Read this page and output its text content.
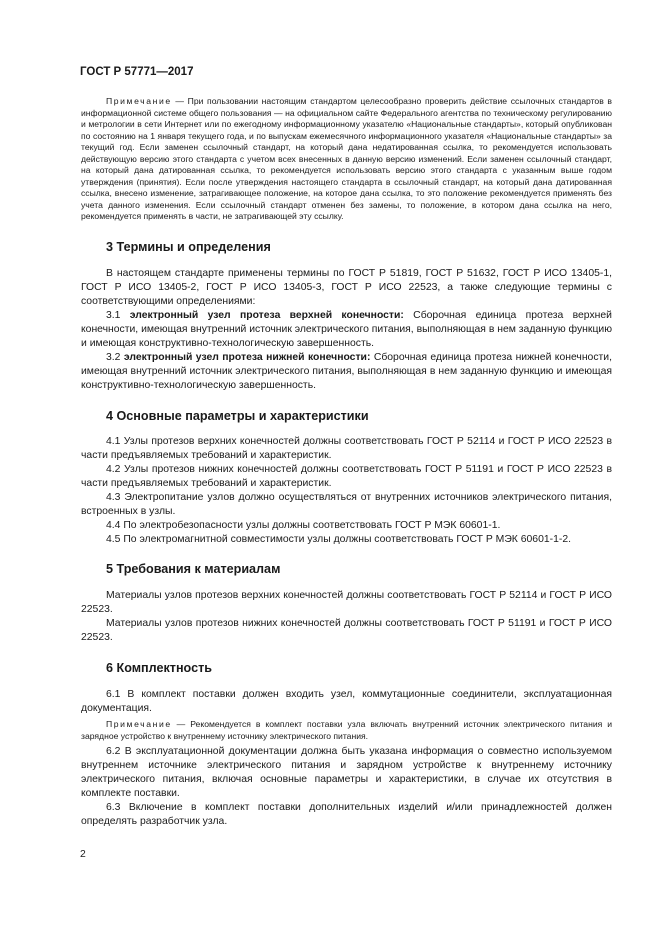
ГОСТ Р 57771—2017

Примечание — При пользовании настоящим стандартом целесообразно проверить действие ссылочных стандартов в информационной системе общего пользования — на официальном сайте Федерального агентства по техническому регулированию и метрологии в сети Интернет или по ежегодному информационному указателю «Национальные стандарты», который опубликован по состоянию на 1 января текущего года, и по выпускам ежемесячного информационного указателя «Национальные стандарты» за текущий год. Если заменен ссылочный стандарт, на который дана недатированная ссылка, то рекомендуется использовать действующую версию этого стандарта с учетом всех внесенных в данную версию изменений. Если заменен ссылочный стандарт, на который дана датированная ссылка, то рекомендуется использовать версию этого стандарта с указанным выше годом утверждения (принятия). Если после утверждения настоящего стандарта в ссылочный стандарт, на который дана датированная ссылка, внесено изменение, затрагивающее положение, на которое дана ссылка, то это положение рекомендуется применять без учета данного изменения. Если ссылочный стандарт отменен без замены, то положение, в котором дана ссылка на него, рекомендуется применять в части, не затрагивающей эту ссылку.

3 Термины и определения

В настоящем стандарте применены термины по ГОСТ Р 51819, ГОСТ Р 51632, ГОСТ Р ИСО 13405-1, ГОСТ Р ИСО 13405-2, ГОСТ Р ИСО 13405-3, ГОСТ Р ИСО 22523, а также следующие термины с соответствующими определениями:

3.1 электронный узел протеза верхней конечности: Сборочная единица протеза верхней конечности, имеющая внутренний источник электрического питания, выполняющая в нем заданную функцию и имеющая конструктивно-технологическую завершенность.

3.2 электронный узел протеза нижней конечности: Сборочная единица протеза нижней конечности, имеющая внутренний источник электрического питания, выполняющая в нем заданную функцию и имеющая конструктивно-технологическую завершенность.

4 Основные параметры и характеристики

4.1 Узлы протезов верхних конечностей должны соответствовать ГОСТ Р 52114 и ГОСТ Р ИСО 22523 в части предъявляемых требований и характеристик.

4.2 Узлы протезов нижних конечностей должны соответствовать ГОСТ Р 51191 и ГОСТ Р ИСО 22523 в части предъявляемых требований и характеристик.

4.3 Электропитание узлов должно осуществляться от внутренних источников электрического питания, встроенных в узлы.

4.4 По электробезопасности узлы должны соответствовать ГОСТ Р МЭК 60601-1.

4.5 По электромагнитной совместимости узлы должны соответствовать ГОСТ Р МЭК 60601-1-2.

5 Требования к материалам

Материалы узлов протезов верхних конечностей должны соответствовать ГОСТ Р 52114 и ГОСТ Р ИСО 22523.

Материалы узлов протезов нижних конечностей должны соответствовать ГОСТ Р 51191 и ГОСТ Р ИСО 22523.

6 Комплектность

6.1 В комплект поставки должен входить узел, коммутационные соединители, эксплуатационная документация.

Примечание — Рекомендуется в комплект поставки узла включать внутренний источник электрического питания и зарядное устройство к внутреннему источнику электрического питания.

6.2 В эксплуатационной документации должна быть указана информация о совместно используемом внутреннем источнике электрического питания и зарядном устройстве к внутреннему источнику электрического питания, включая основные параметры и характеристики, в случае их отсутствия в комплекте поставки.

6.3 Включение в комплект поставки дополнительных изделий и/или принадлежностей должен определять разработчик узла.

2
